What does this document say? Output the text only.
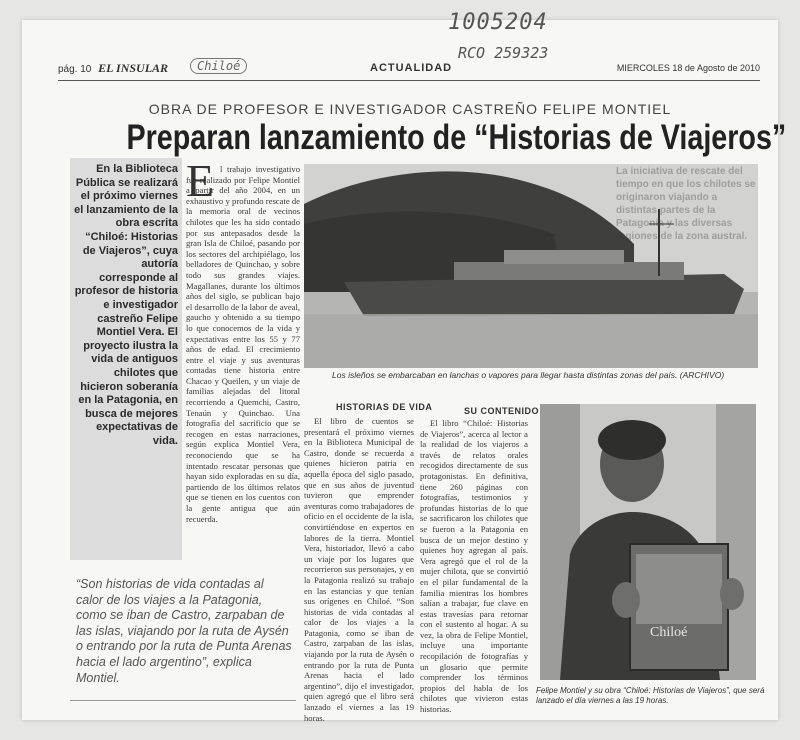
1005204
RCO 259323
pág. 10 EL INSULAR	ACTUALIDAD	MIERCOLES 18 de Agosto de 2010
Chiloé
OBRA DE PROFESOR E INVESTIGADOR CASTREÑO FELIPE MONTIEL
Preparan lanzamiento de “Historias de Viajeros”
En la Biblioteca Pública se realizará el próximo viernes el lanzamiento de la obra escrita “Chiloé: Historias de Viajeros”, cuya autoría corresponde al profesor de historia e investigador castreño Felipe Montiel Vera. El proyecto ilustra la vida de antiguos chilotes que hicieron soberanía en la Patagonia, en busca de mejores expectativas de vida.
l trabajo investigativo fue realizado por Felipe Montiel a partir del año 2004, en un exhaustivo y profundo rescate de la memoria oral de vecinos chilotes que les ha sido contado por sus antepasados desde la gran Isla de Chiloé, pasando por los sectores del archipiélago, los belladores de Quinchao, y sobre todo sus grandes viajes. Magallanes, durante los últimos años del siglo, se publican bajo el desarrollo de la labor de aveal, gaucho y obtenido a su tiempo lo que conocemos de la vida y expectativas entre los 55 y 77 años de edad. El crecimiento entre el viaje y sus aventuras contadas tiene historia entre Chacao y Queilen, y un viaje de familias alejadas del litoral recorriendo a Quemchi, Castro, Tenaún y Quinchao. Una fotografía del sacrificio que se recogen en estas narraciones, según explica Montiel Vera, reconociendo que se ha intentado rescatar personas que hayan sido exploradas en su día, partiendo de los últimos relatos que se tienen en los cuentos con la gente antigua que aún recuerda.
E
Los isleños se embarcaban en lanchas o vapores para llegar hasta distintas zonas del país. (ARCHIVO)
La iniciativa de rescate del tiempo en que los chilotes se originaron viajando a distintas partes de la Patagonia y las diversas regiones de la zona austral.
HISTORIAS DE VIDA
El libro de cuentos se presentará el próximo viernes en la Biblioteca Municipal de Castro, donde se recuerda a quienes hicieron patria en aquella época del siglo pasado, que en sus años de juventud tuvieron que emprender aventuras como trabajadores de oficio en el occidente de la isla, convirtiéndose en expertos en labores de la tierra. Montiel Vera, historiador, llevó a cabo un viaje por los lugares que recorrieron sus personajes, y en la Patagonia realizó su trabajo en las estancias y que tenían sus orígenes en Chiloé. “Son historias de vida contadas al calor de los viajes a la Patagonia, como se iban de Castro, zarpaban de las islas, viajando por la ruta de Aysén o entrando por la ruta de Punta Arenas hacia el lado argentino”, dijo el investigador, quien agregó que el libro será lanzado el viernes a las 19 horas.
SU CONTENIDO
El libro “Chiloé: Historias de Viajeros”, acerca al lector a la realidad de los viajeros a través de relatos orales recogidos directamente de sus protagonistas. En definitiva, tiene 260 páginas con fotografías, testimonios y profundas historias de lo que se sacrificaron los chilotes que se fueron a la Patagonia en busca de un mejor destino y quienes hoy agregan al país. Vera agregó que el rol de la mujer chilota, que se convirtió en el pilar fundamental de la familia mientras los hombres salían a trabajar, fue clave en estas travesías para retornar con el sustento al hogar. A su vez, la obra de Felipe Montiel, incluye una importante recopilación de fotografías y un glosario que permite comprender los términos propios del habla de los chilotes que vivieron estas historias.
Chiloé
Felipe Montiel y su obra “Chiloé: Historias de Viajeros”, que será lanzado el día viernes a las 19 horas.
“Son historias de vida contadas al calor de los viajes a la Patagonia, como se iban de Castro, zarpaban de las islas, viajando por la ruta de Aysén o entrando por la ruta de Punta Arenas hacia el lado argentino”, explica Montiel.
